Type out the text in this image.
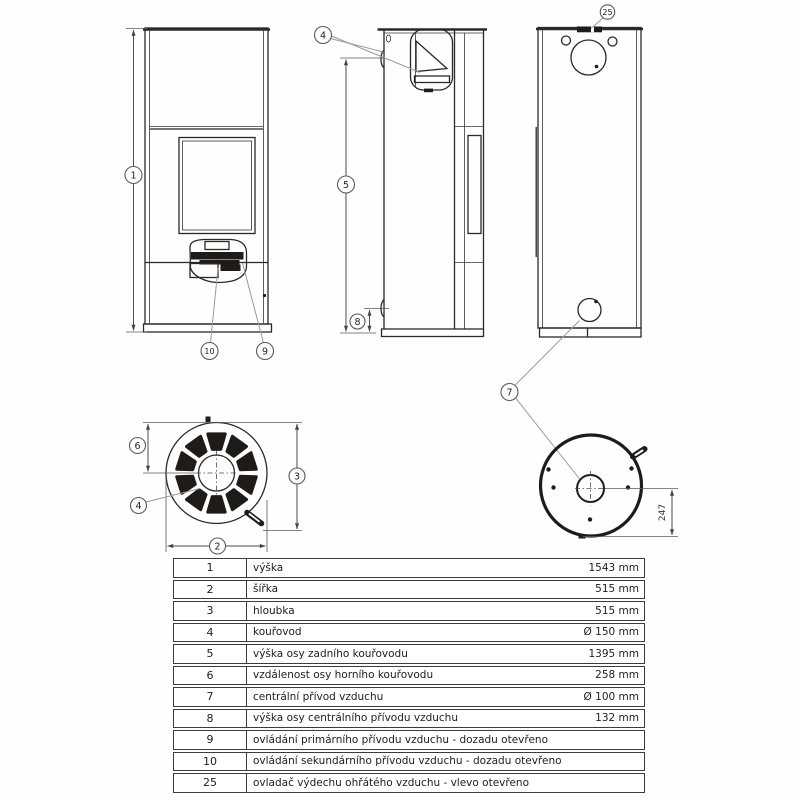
1
10	9
4
5
8
25
7
6
3
2
4	247
1	výška	1543 mm
2	šířka	515 mm
3	hloubka	515 mm
4	kouřovod	Ø 150 mm
5	výška osy zadního kouřovodu	1395 mm
6	vzdálenost osy horního kouřovodu	258 mm
7	centrální přívod vzduchu	Ø 100 mm
8	výška osy centrálního přívodu vzduchu	132 mm
9	ovládání primárního přívodu vzduchu - dozadu otevřeno
10	ovládání sekundárního přívodu vzduchu - dozadu otevřeno
25	ovladač výdechu ohřátého vzduchu - vlevo otevřeno
